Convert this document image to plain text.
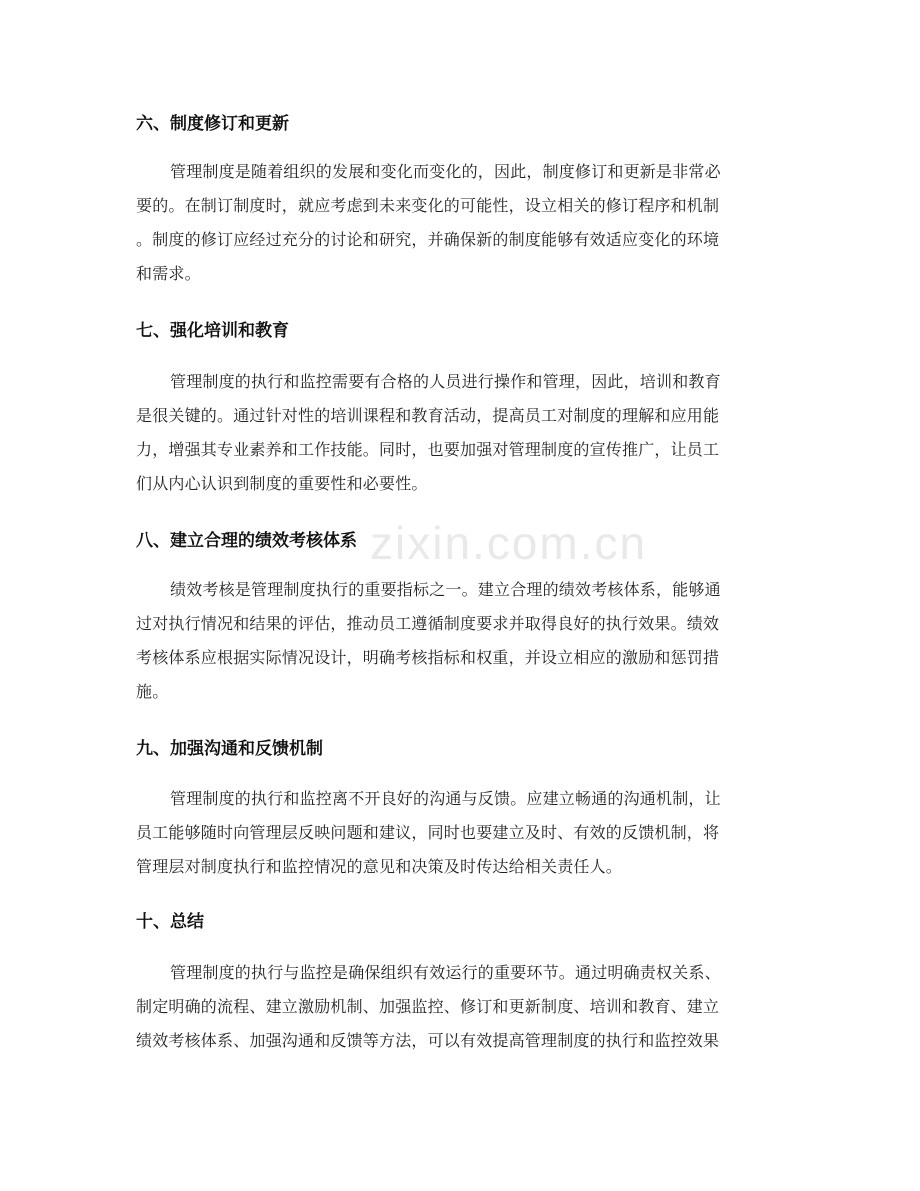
zixin.com.cn
六、制度修订和更新
管理制度是随着组织的发展和变化而变化的，因此，制度修订和更新是非常必
要的。在制订制度时，就应考虑到未来变化的可能性，设立相关的修订程序和机制
。制度的修订应经过充分的讨论和研究，并确保新的制度能够有效适应变化的环境
和需求。
七、强化培训和教育
管理制度的执行和监控需要有合格的人员进行操作和管理，因此，培训和教育
是很关键的。通过针对性的培训课程和教育活动，提高员工对制度的理解和应用能
力，增强其专业素养和工作技能。同时，也要加强对管理制度的宣传推广，让员工
们从内心认识到制度的重要性和必要性。
八、建立合理的绩效考核体系
绩效考核是管理制度执行的重要指标之一。建立合理的绩效考核体系，能够通
过对执行情况和结果的评估，推动员工遵循制度要求并取得良好的执行效果。绩效
考核体系应根据实际情况设计，明确考核指标和权重，并设立相应的激励和惩罚措
施。
九、加强沟通和反馈机制
管理制度的执行和监控离不开良好的沟通与反馈。应建立畅通的沟通机制，让
员工能够随时向管理层反映问题和建议，同时也要建立及时、有效的反馈机制，将
管理层对制度执行和监控情况的意见和决策及时传达给相关责任人。
十、总结
管理制度的执行与监控是确保组织有效运行的重要环节。通过明确责权关系、
制定明确的流程、建立激励机制、加强监控、修订和更新制度、培训和教育、建立
绩效考核体系、加强沟通和反馈等方法，可以有效提高管理制度的执行和监控效果
